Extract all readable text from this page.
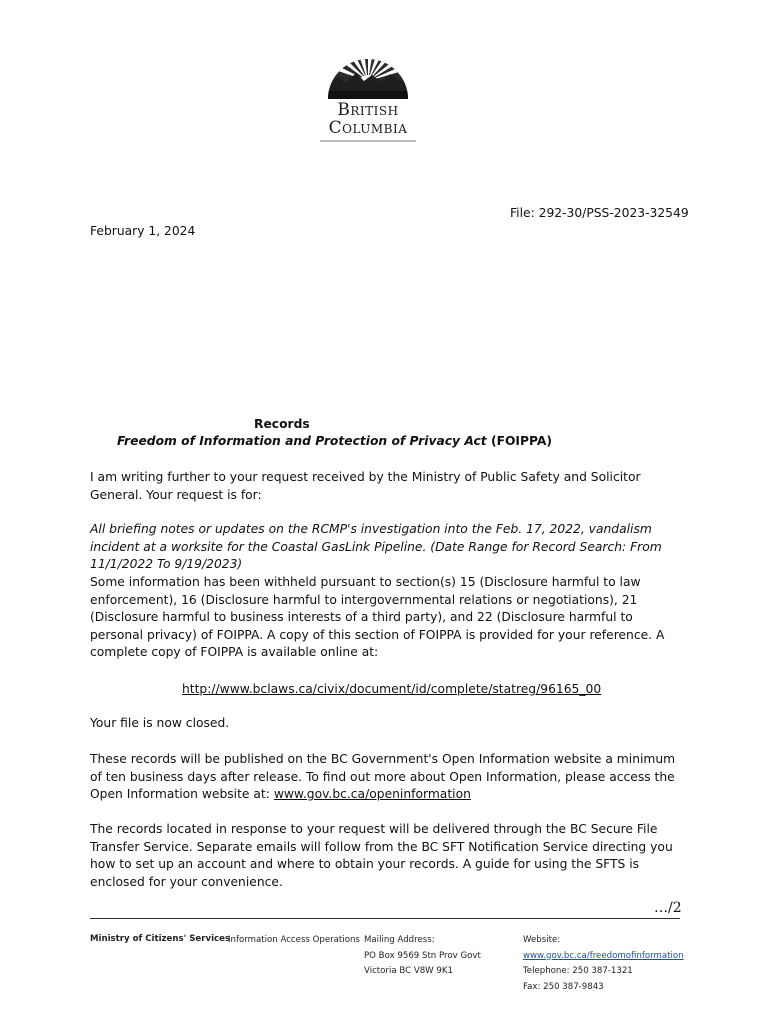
British
Columbia
File: 292-30/PSS-2023-32549
February 1, 2024
Records
Freedom of Information and Protection of Privacy Act (FOIPPA)
I am writing further to your request received by the Ministry of Public Safety and Solicitor General. Your request is for:
All briefing notes or updates on the RCMP's investigation into the Feb. 17, 2022, vandalism incident at a worksite for the Coastal GasLink Pipeline. (Date Range for Record Search: From 11/1/2022 To 9/19/2023)
Some information has been withheld pursuant to section(s) 15 (Disclosure harmful to law enforcement), 16 (Disclosure harmful to intergovernmental relations or negotiations), 21 (Disclosure harmful to business interests of a third party), and 22 (Disclosure harmful to personal privacy) of FOIPPA. A copy of this section of FOIPPA is provided for your reference. A complete copy of FOIPPA is available online at:
http://www.bclaws.ca/civix/document/id/complete/statreg/96165_00
Your file is now closed.
These records will be published on the BC Government's Open Information website a minimum of ten business days after release. To find out more about Open Information, please access the Open Information website at: www.gov.bc.ca/openinformation
The records located in response to your request will be delivered through the BC Secure File Transfer Service. Separate emails will follow from the BC SFT Notification Service directing you how to set up an account and where to obtain your records. A guide for using the SFTS is enclosed for your convenience.
…/2
Ministry of Citizens' Services
Information Access Operations Mailing Address:
PO Box 9569 Stn Prov Govt
Victoria BC V8W 9K1
Website:
www.gov.bc.ca/freedomofinformation
Telephone: 250 387-1321
Fax: 250 387-9843
